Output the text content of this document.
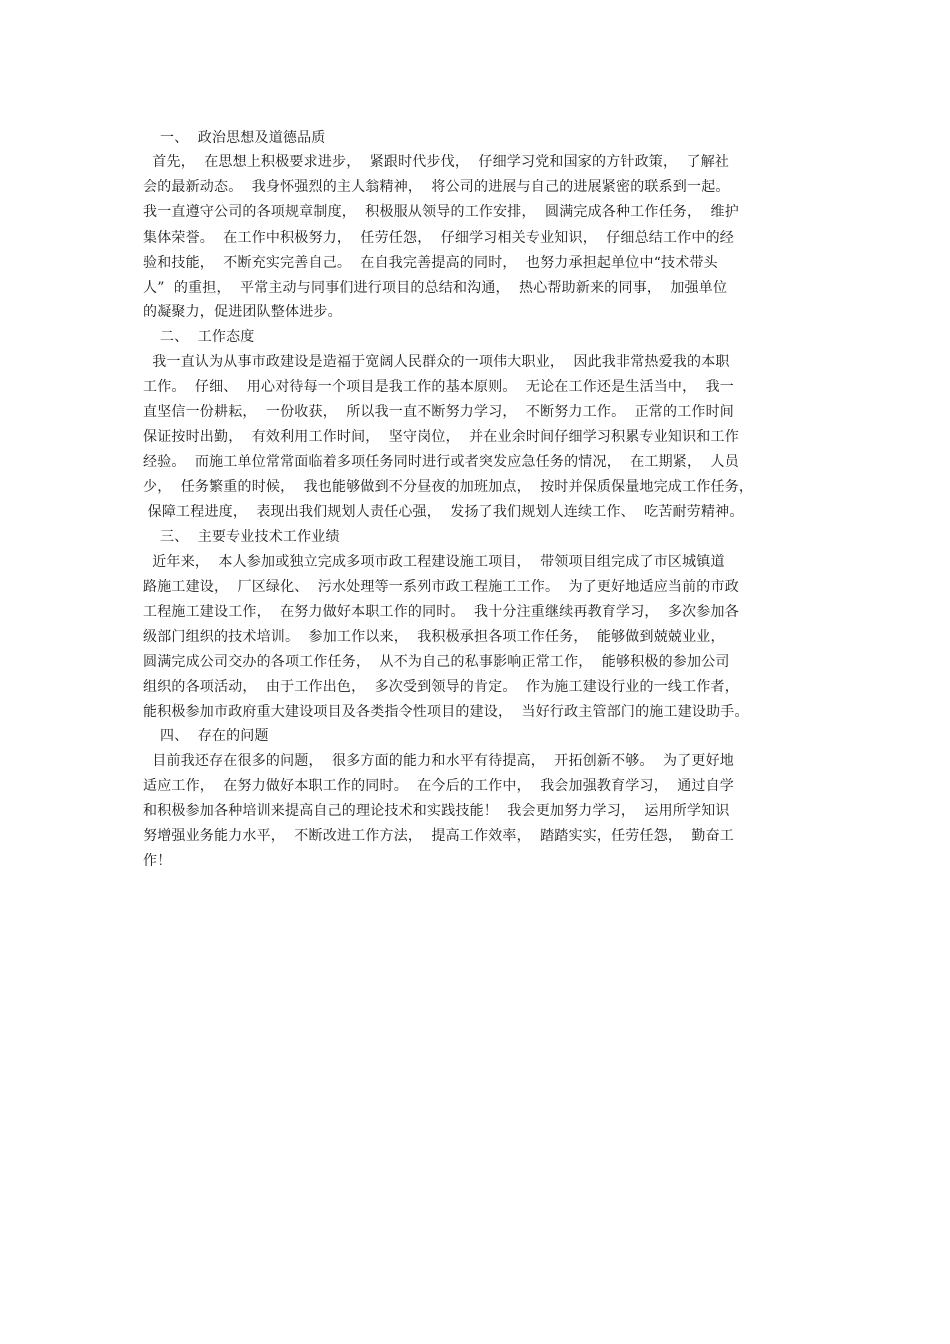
一、  政治思想及道德品质
首先，  在思想上积极要求进步，  紧跟时代步伐，  仔细学习党和国家的方针政策，  了解社
会的最新动态。  我身怀强烈的主人翁精神，  将公司的进展与自己的进展紧密的联系到一起。
我一直遵守公司的各项规章制度，  积极服从领导的工作安排，  圆满完成各种工作任务，  维护
集体荣誉。  在工作中积极努力，  任劳任怨，  仔细学习相关专业知识，  仔细总结工作中的经
验和技能，  不断充实完善自己。  在自我完善提高的同时，  也努力承担起单位中“技术带头
人”  的重担，  平常主动与同事们进行项目的总结和沟通，  热心帮助新来的同事，  加强单位
的凝聚力，促进团队整体进步。
二、  工作态度
我一直认为从事市政建设是造福于宽阔人民群众的一项伟大职业，  因此我非常热爱我的本职
工作。  仔细、  用心对待每一个项目是我工作的基本原则。  无论在工作还是生活当中，  我一
直坚信一份耕耘，  一份收获，  所以我一直不断努力学习，  不断努力工作。  正常的工作时间
保证按时出勤，  有效利用工作时间，  坚守岗位，  并在业余时间仔细学习积累专业知识和工作
经验。  而施工单位常常面临着多项任务同时进行或者突发应急任务的情况，  在工期紧，  人员
少，  任务繁重的时候，  我也能够做到不分昼夜的加班加点，  按时并保质保量地完成工作任务，
保障工程进度，  表现出我们规划人责任心强，  发扬了我们规划人连续工作、  吃苦耐劳精神。
三、  主要专业技术工作业绩
近年来，  本人参加或独立完成多项市政工程建设施工项目，  带领项目组完成了市区城镇道
路施工建设，  厂区绿化、  污水处理等一系列市政工程施工工作。  为了更好地适应当前的市政
工程施工建设工作，  在努力做好本职工作的同时。  我十分注重继续再教育学习，  多次参加各
级部门组织的技术培训。  参加工作以来，  我积极承担各项工作任务，  能够做到兢兢业业，
圆满完成公司交办的各项工作任务，  从不为自己的私事影响正常工作，  能够积极的参加公司
组织的各项活动，  由于工作出色，  多次受到领导的肯定。  作为施工建设行业的一线工作者，
能积极参加市政府重大建设项目及各类指令性项目的建设，  当好行政主管部门的施工建设助手。
四、  存在的问题
目前我还存在很多的问题，  很多方面的能力和水平有待提高，  开拓创新不够。  为了更好地
适应工作，  在努力做好本职工作的同时。  在今后的工作中，  我会加强教育学习，  通过自学
和积极参加各种培训来提高自己的理论技术和实践技能！  我会更加努力学习，  运用所学知识
努增强业务能力水平，  不断改进工作方法，  提高工作效率，  踏踏实实，任劳任怨，  勤奋工
作！
